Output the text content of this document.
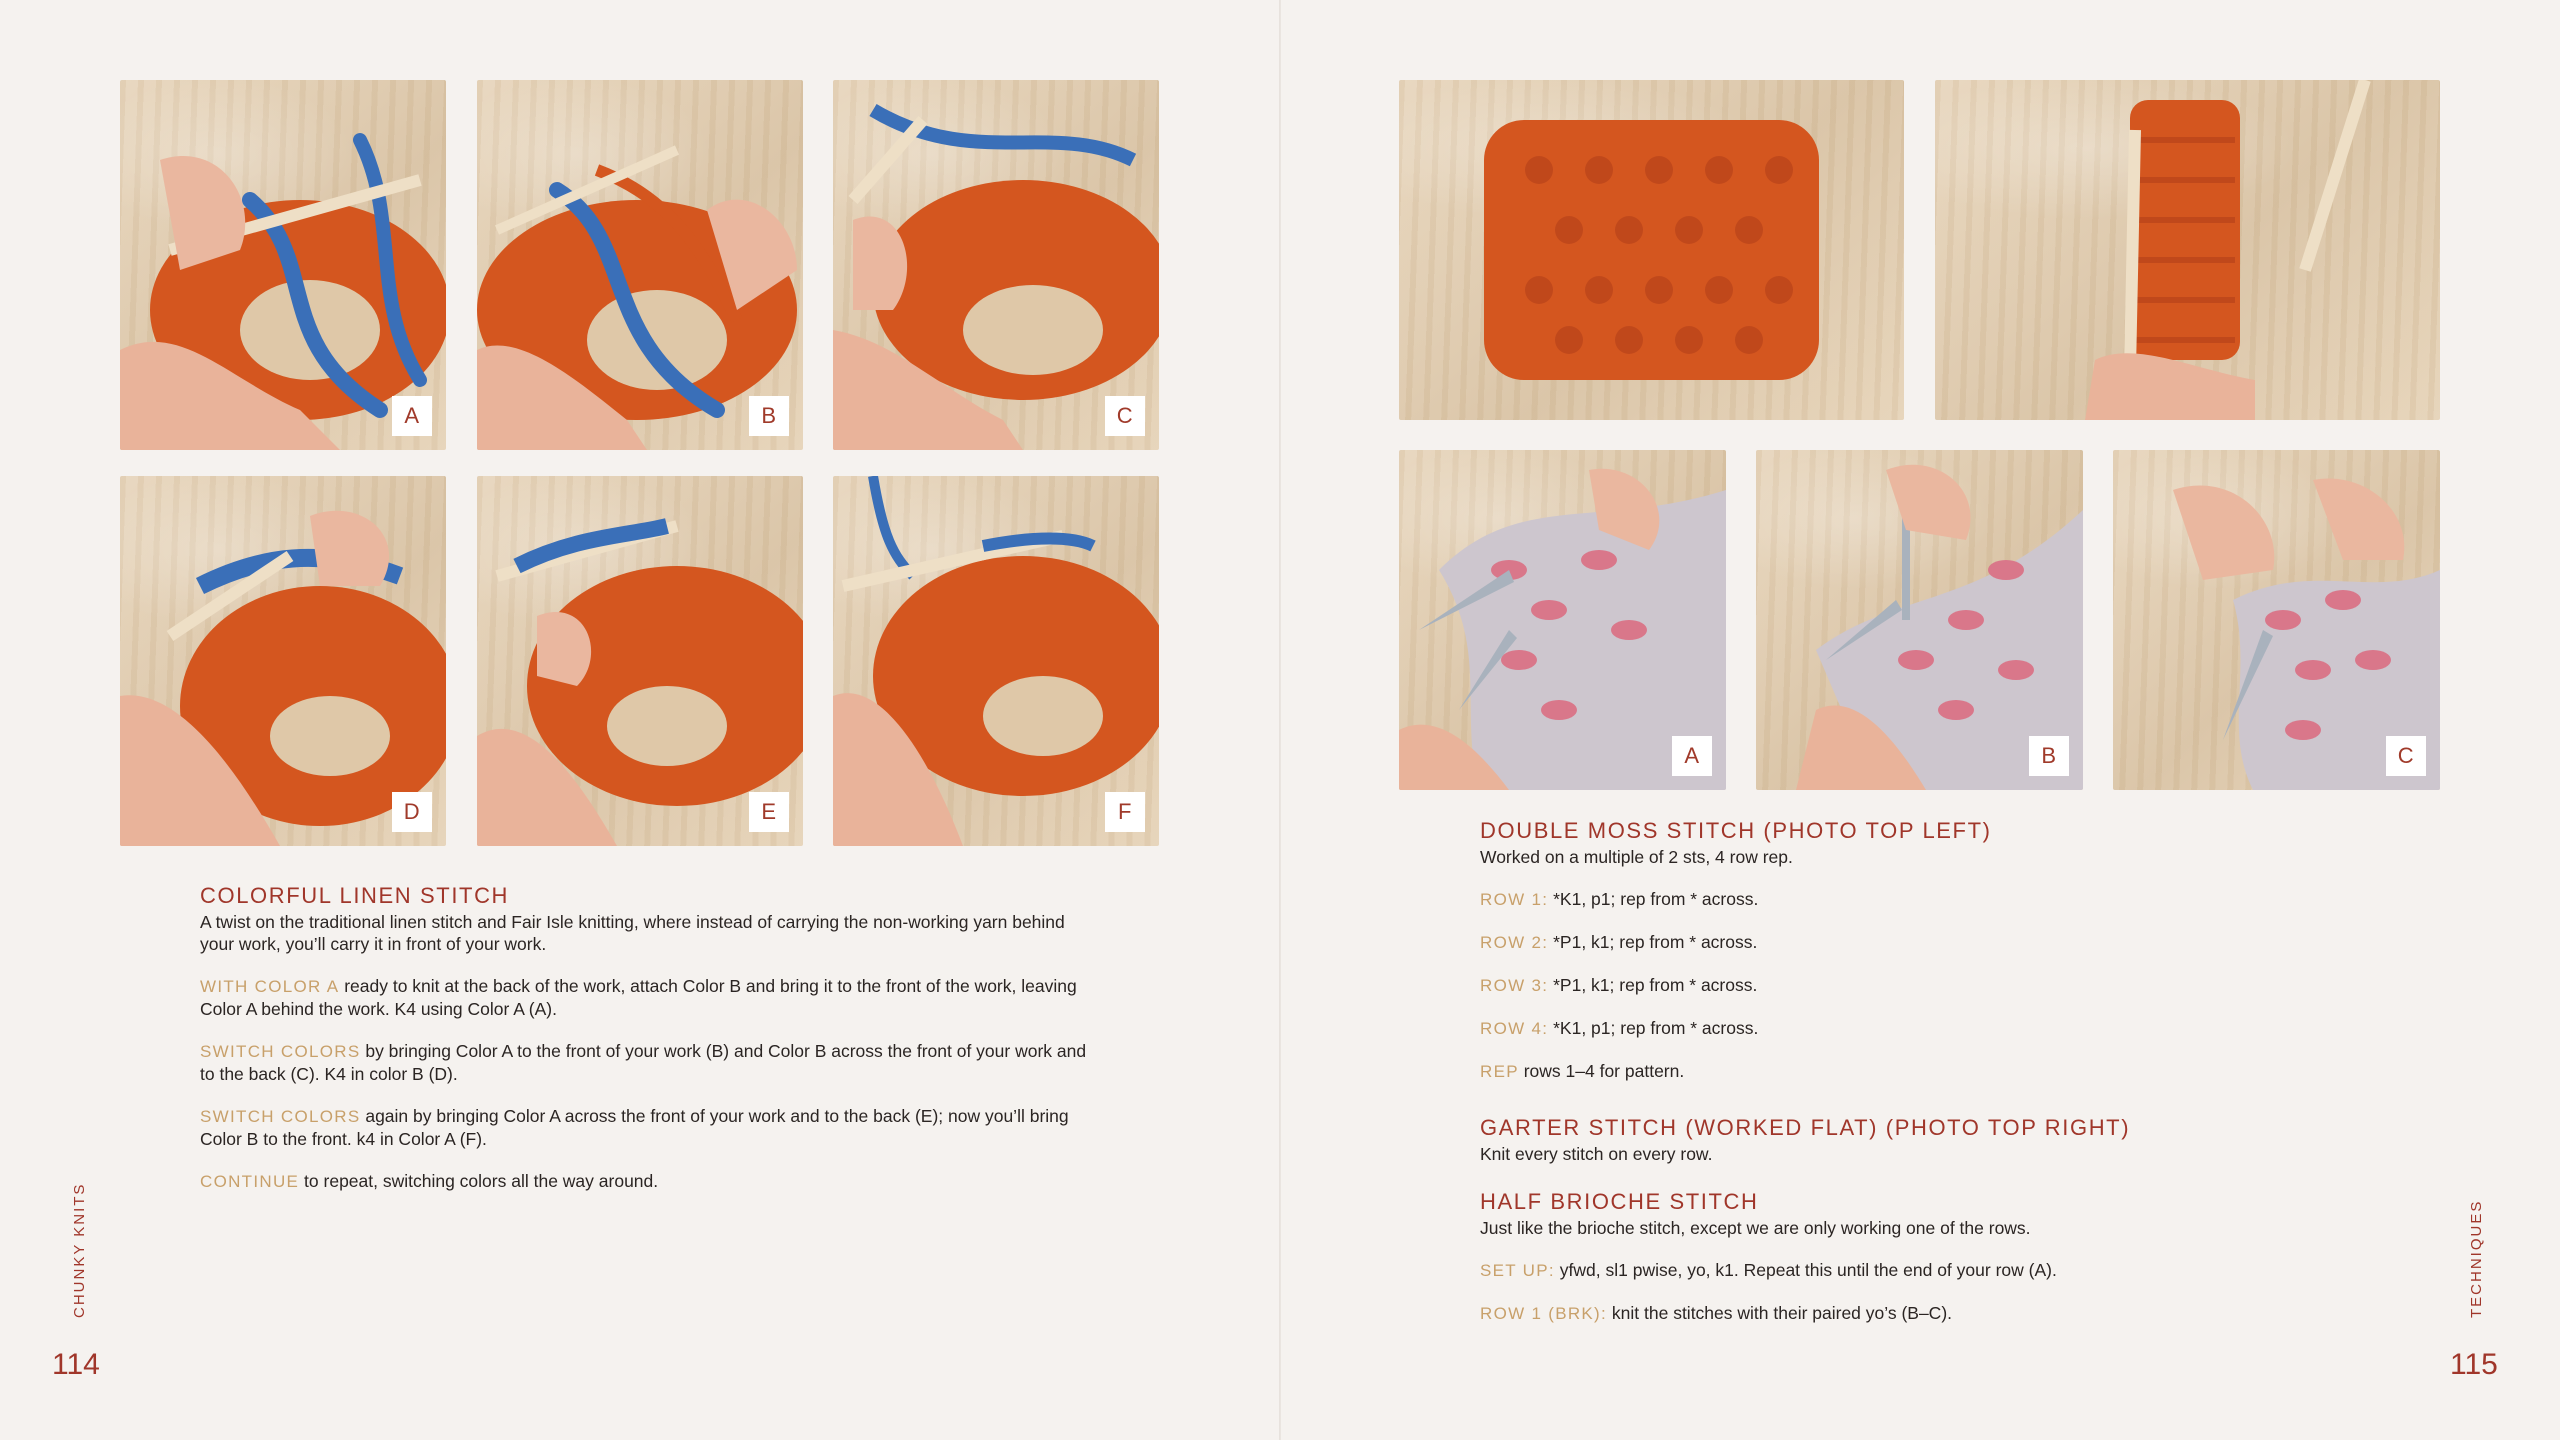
A	B	C
D	E	F
COLORFUL LINEN STITCH

A twist on the traditional linen stitch and Fair Isle knitting, where instead of carrying the non-working yarn behind your work, you’ll carry it in front of your work.

WITH COLOR A ready to knit at the back of the work, attach Color B and bring it to the front of the work, leaving Color A behind the work. K4 using Color A (A).

SWITCH COLORS by bringing Color A to the front of your work (B) and Color B across the front of your work and to the back (C). K4 in color B (D).

SWITCH COLORS again by bringing Color A across the front of your work and to the back (E); now you’ll bring Color B to the front. k4 in Color A (F).

CONTINUE to repeat, switching colors all the way around.

CHUNKY KNITS
114
A	B	C
DOUBLE MOSS STITCH (PHOTO TOP LEFT)

Worked on a multiple of 2 sts, 4 row rep.

ROW 1: *K1, p1; rep from * across.

ROW 2: *P1, k1; rep from * across.

ROW 3: *P1, k1; rep from * across.

ROW 4: *K1, p1; rep from * across.

REP rows 1–4 for pattern.

GARTER STITCH (WORKED FLAT) (PHOTO TOP RIGHT)

Knit every stitch on every row.

HALF BRIOCHE STITCH

Just like the brioche stitch, except we are only working one of the rows.

SET UP: yfwd, sl1 pwise, yo, k1. Repeat this until the end of your row (A).

ROW 1 (BRK): knit the stitches with their paired yo’s (B–C).	TECHNIQUES
115
